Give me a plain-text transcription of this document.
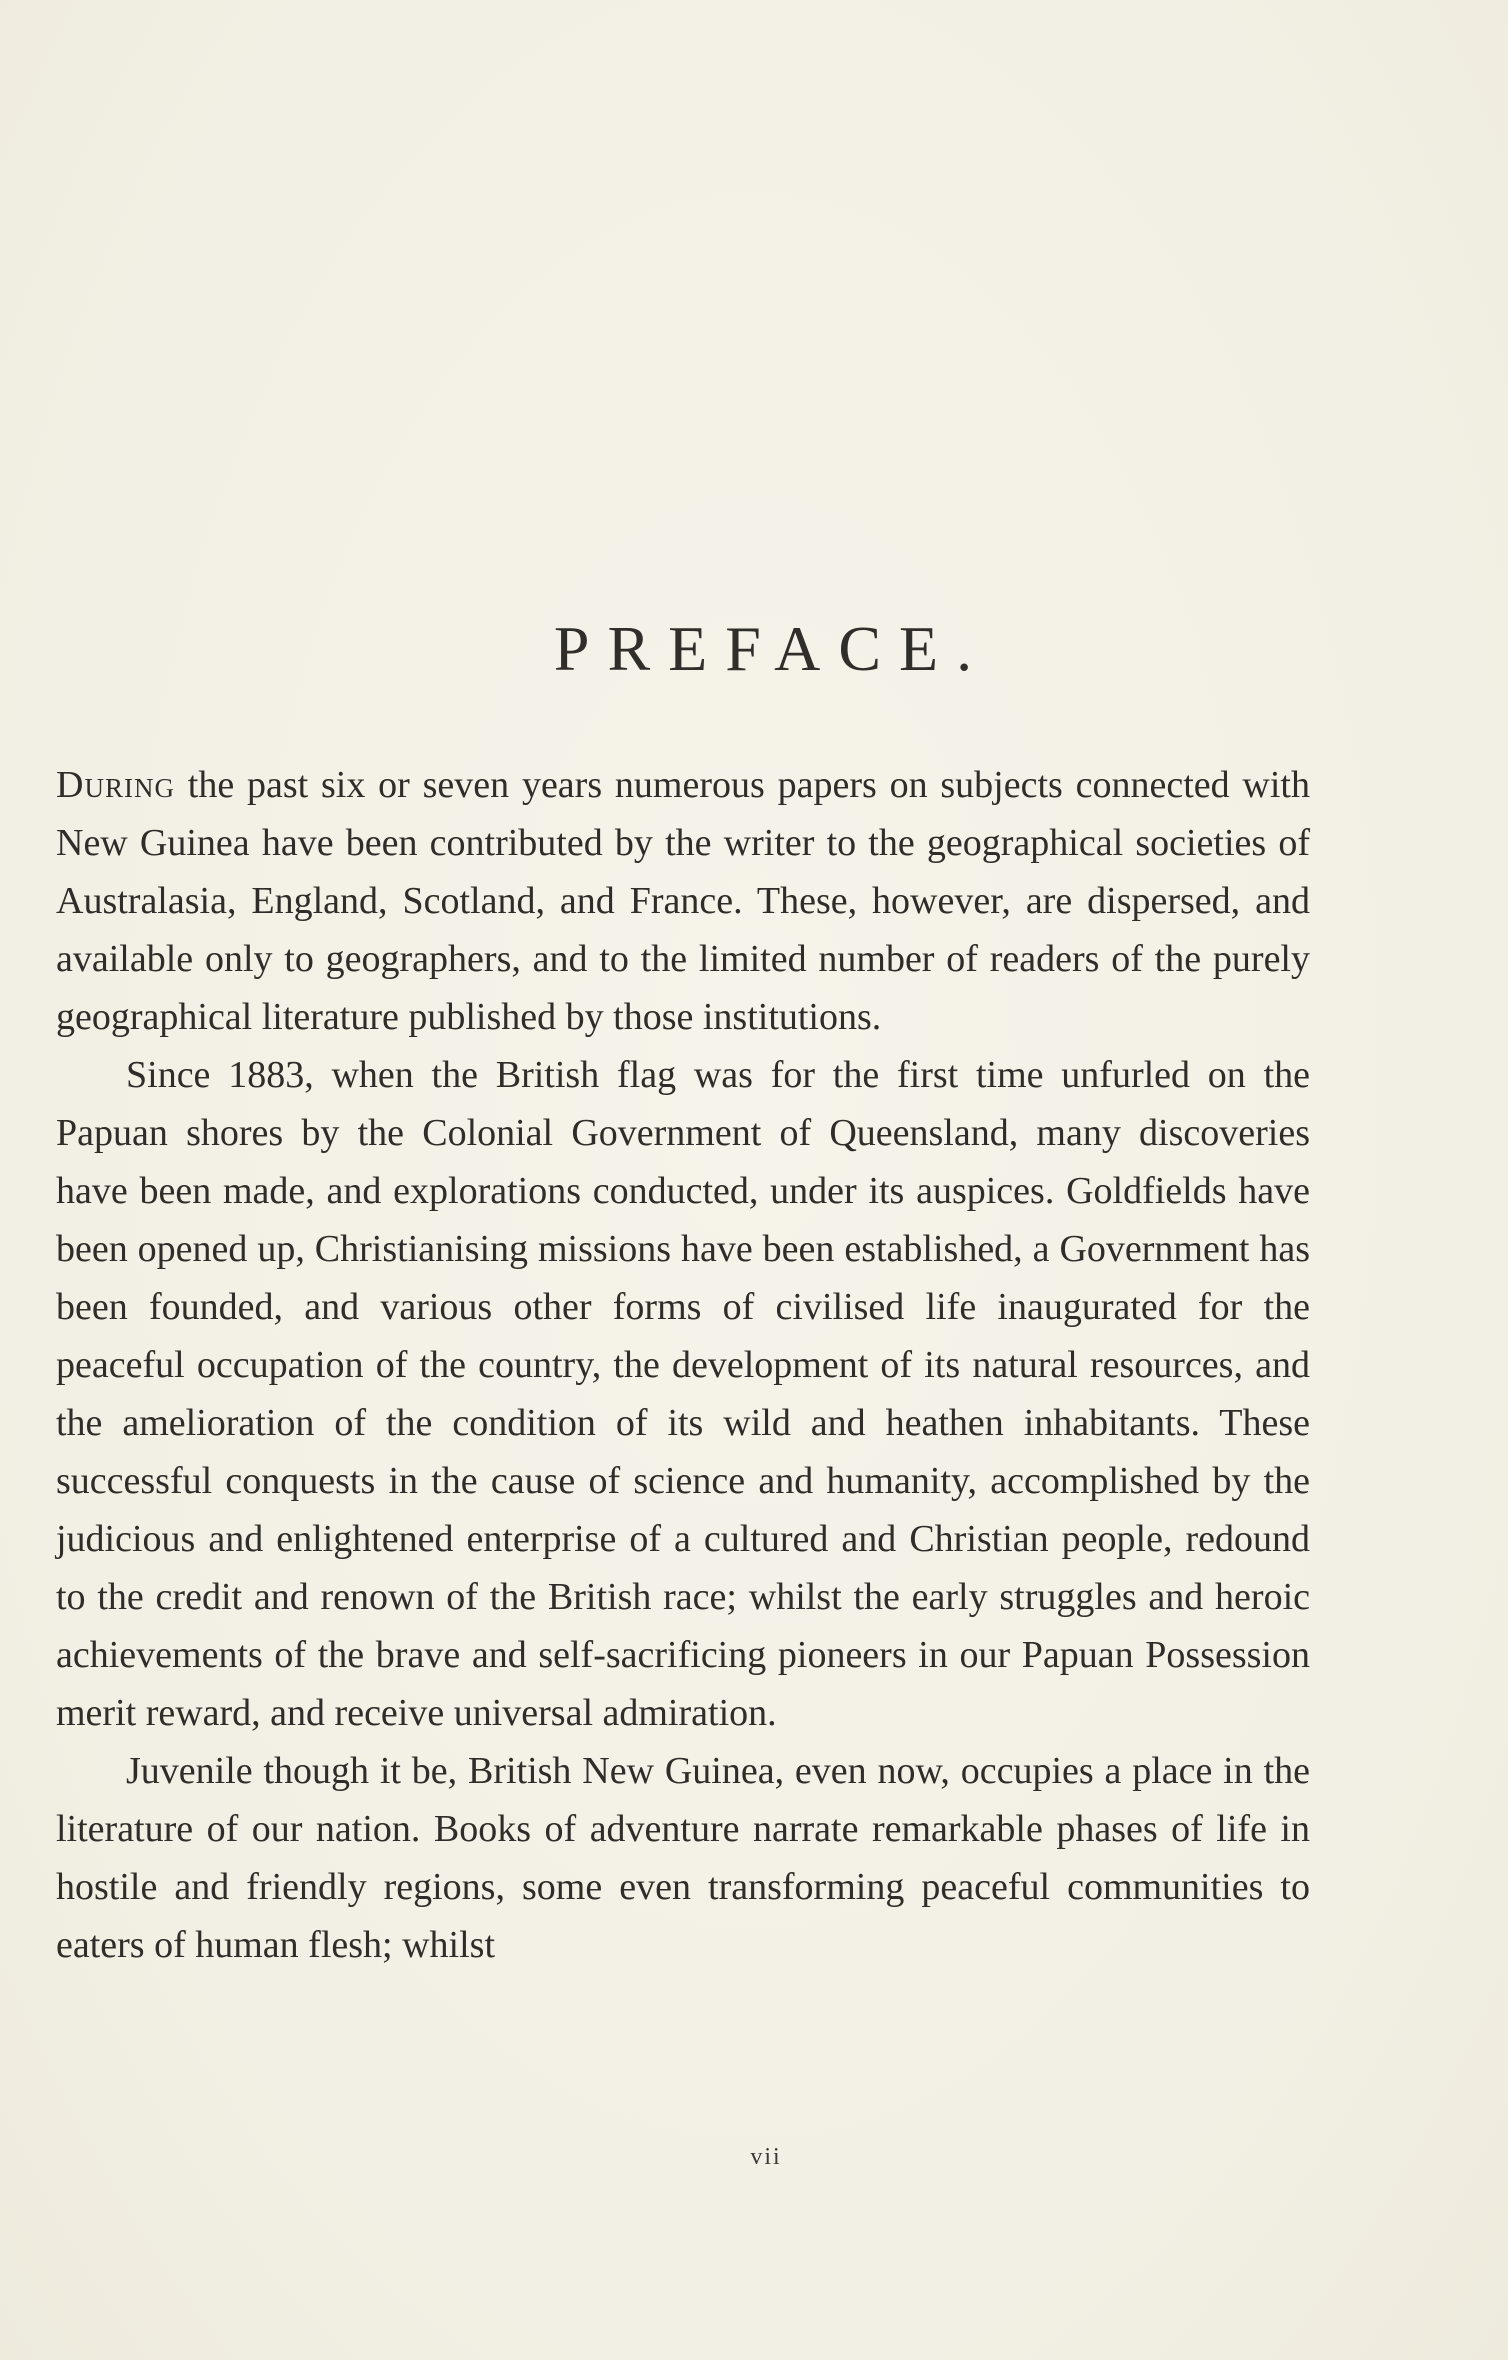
PREFACE.

During the past six or seven years numerous papers on subjects connected with New Guinea have been contributed by the writer to the geographical societies of Australasia, England, Scotland, and France. These, however, are dispersed, and available only to geographers, and to the limited number of readers of the purely geographical literature published by those institutions.

Since 1883, when the British flag was for the first time unfurled on the Papuan shores by the Colonial Government of Queensland, many discoveries have been made, and explorations conducted, under its auspices. Goldfields have been opened up, Christianising missions have been established, a Government has been founded, and various other forms of civilised life inaugurated for the peaceful occupation of the country, the development of its natural resources, and the amelioration of the condition of its wild and heathen inhabitants. These successful conquests in the cause of science and humanity, accomplished by the judicious and enlightened enterprise of a cultured and Christian people, redound to the credit and renown of the British race; whilst the early struggles and heroic achievements of the brave and self-sacrificing pioneers in our Papuan Possession merit reward, and receive universal admiration.

Juvenile though it be, British New Guinea, even now, occupies a place in the literature of our nation. Books of adventure narrate remarkable phases of life in hostile and friendly regions, some even transforming peaceful communities to eaters of human flesh; whilst

vii
